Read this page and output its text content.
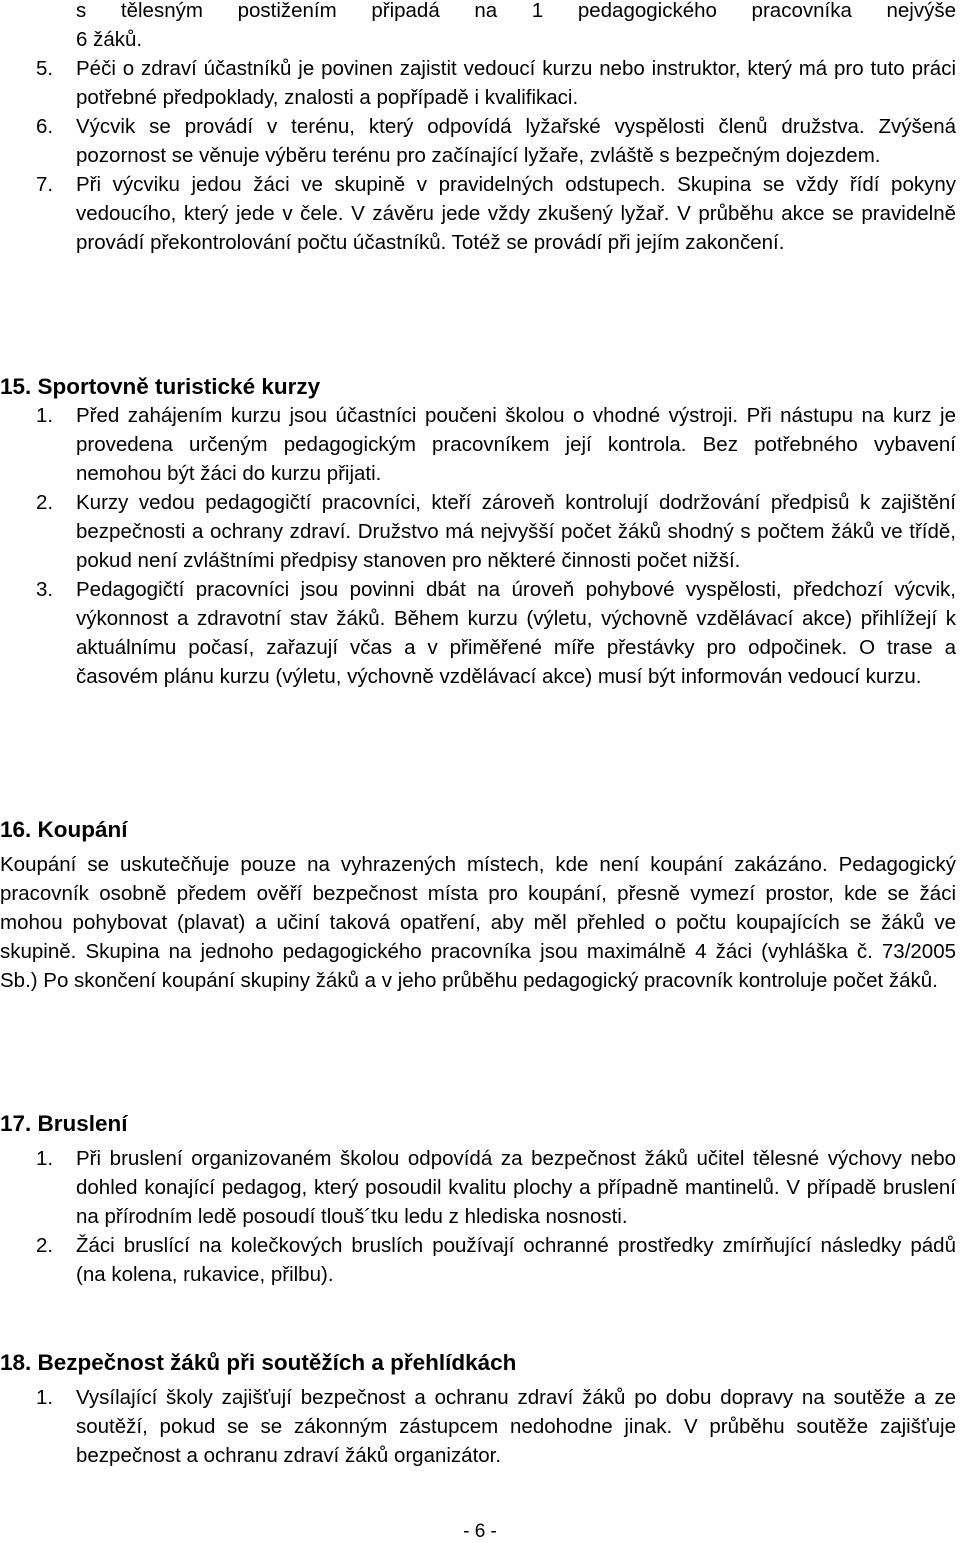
s tělesným postižením připadá na 1 pedagogického pracovníka nejvýše

6 žáků.

5.	Péči o zdraví účastníků je povinen zajistit vedoucí kurzu nebo instruktor, který má pro tuto práci potřebné předpoklady, znalosti a popřípadě i kvalifikaci.
6.	Výcvik se provádí v terénu, který odpovídá lyžařské vyspělosti členů družstva. Zvýšená pozornost se věnuje výběru terénu pro začínající lyžaře, zvláště s bezpečným dojezdem.
7.	Při výcviku jedou žáci ve skupině v pravidelných odstupech. Skupina se vždy řídí pokyny vedoucího, který jede v čele. V závěru jede vždy zkušený lyžař. V průběhu akce se pravidelně provádí překontrolování počtu účastníků. Totéž se provádí při jejím zakončení.
15. Sportovně turistické kurzy
1.	Před zahájením kurzu jsou účastníci poučeni školou o vhodné výstroji. Při nástupu na kurz je provedena určeným pedagogickým pracovníkem její kontrola. Bez potřebného vybavení nemohou být žáci do kurzu přijati.
2.	Kurzy vedou pedagogičtí pracovníci, kteří zároveň kontrolují dodržování předpisů k zajištění bezpečnosti a ochrany zdraví. Družstvo má nejvyšší počet žáků shodný s počtem žáků ve třídě, pokud není zvláštními předpisy stanoven pro některé činnosti počet nižší.
3.	Pedagogičtí pracovníci jsou povinni dbát na úroveň pohybové vyspělosti, předchozí výcvik, výkonnost a zdravotní stav žáků. Během kurzu (výletu, výchovně vzdělávací akce) přihlížejí k aktuálnímu počasí, zařazují včas a v přiměřené míře přestávky pro odpočinek. O trase a časovém plánu kurzu (výletu, výchovně vzdělávací akce) musí být informován vedoucí kurzu.
16. Koupání

Koupání se uskutečňuje pouze na vyhrazených místech, kde není koupání zakázáno. Pedagogický pracovník osobně předem ověří bezpečnost místa pro koupání, přesně vymezí prostor, kde se žáci mohou pohybovat (plavat) a učiní taková opatření, aby měl přehled o počtu koupajících se žáků ve skupině. Skupina na jednoho pedagogického pracovníka jsou maximálně 4 žáci (vyhláška č. 73/2005 Sb.) Po skončení koupání skupiny žáků a v jeho průběhu pedagogický pracovník kontroluje počet žáků.

17. Bruslení
1.	Při bruslení organizovaném školou odpovídá za bezpečnost žáků učitel tělesné výchovy nebo dohled konající pedagog, který posoudil kvalitu plochy a případně mantinelů. V případě bruslení na přírodním ledě posoudí tlouš´tku ledu z hlediska nosnosti.
2.	Žáci bruslící na kolečkových bruslích používají ochranné prostředky zmírňující následky pádů (na kolena, rukavice, přilbu).
18. Bezpečnost žáků při soutěžích a přehlídkách
1.	Vysílající školy zajišťují bezpečnost a ochranu zdraví žáků po dobu dopravy na soutěže a ze soutěží, pokud se se zákonným zástupcem nedohodne jinak. V průběhu soutěže zajišťuje bezpečnost a ochranu zdraví žáků organizátor.
- 6 -
